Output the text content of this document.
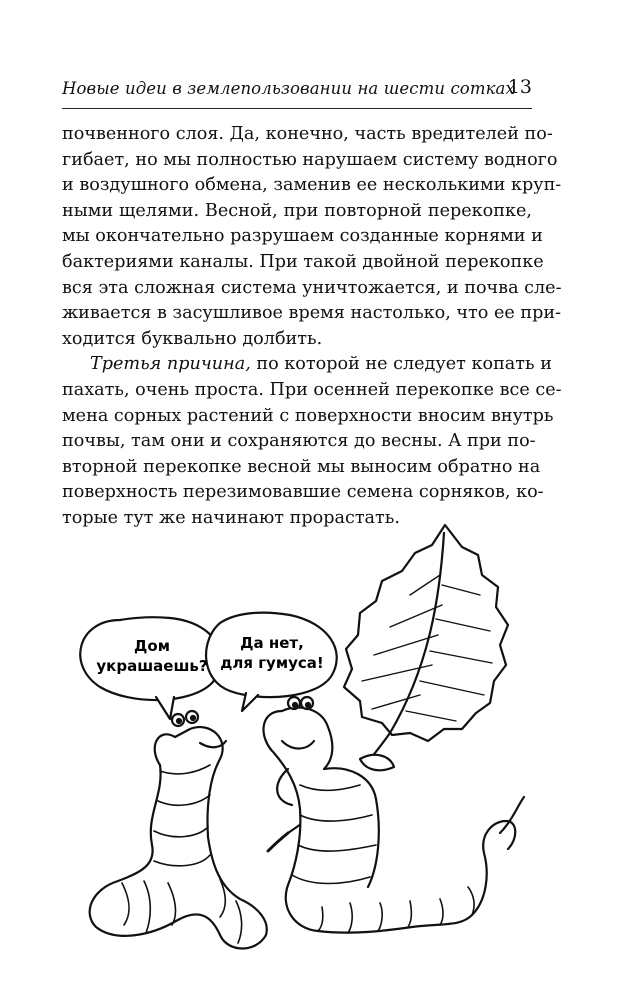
Новые идеи в землепользовании на шести сотках
13
почвенного слоя. Да, конечно, часть вредителей по-
гибает, но мы полностью нарушаем систему водного
и воздушного обмена, заменив ее несколькими круп-
ными щелями. Весной, при повторной перекопке,
мы окончательно разрушаем созданные корнями и
бактериями каналы. При такой двойной перекопке
вся эта сложная система уничтожается, и почва сле-
живается в засушливое время настолько, что ее при-
ходится буквально долбить.
Третья причина, по которой не следует копать и
пахать, очень проста. При осенней перекопке все се-
мена сорных растений с поверхности вносим внутрь
почвы, там они и сохраняются до весны. А при по-
вторной перекопке весной мы выносим обратно на
поверхность перезимовавшие семена сорняков, ко-
торые тут же начинают прорастать.
Дом
украшаешь?
Да нет,
для гумуса!
